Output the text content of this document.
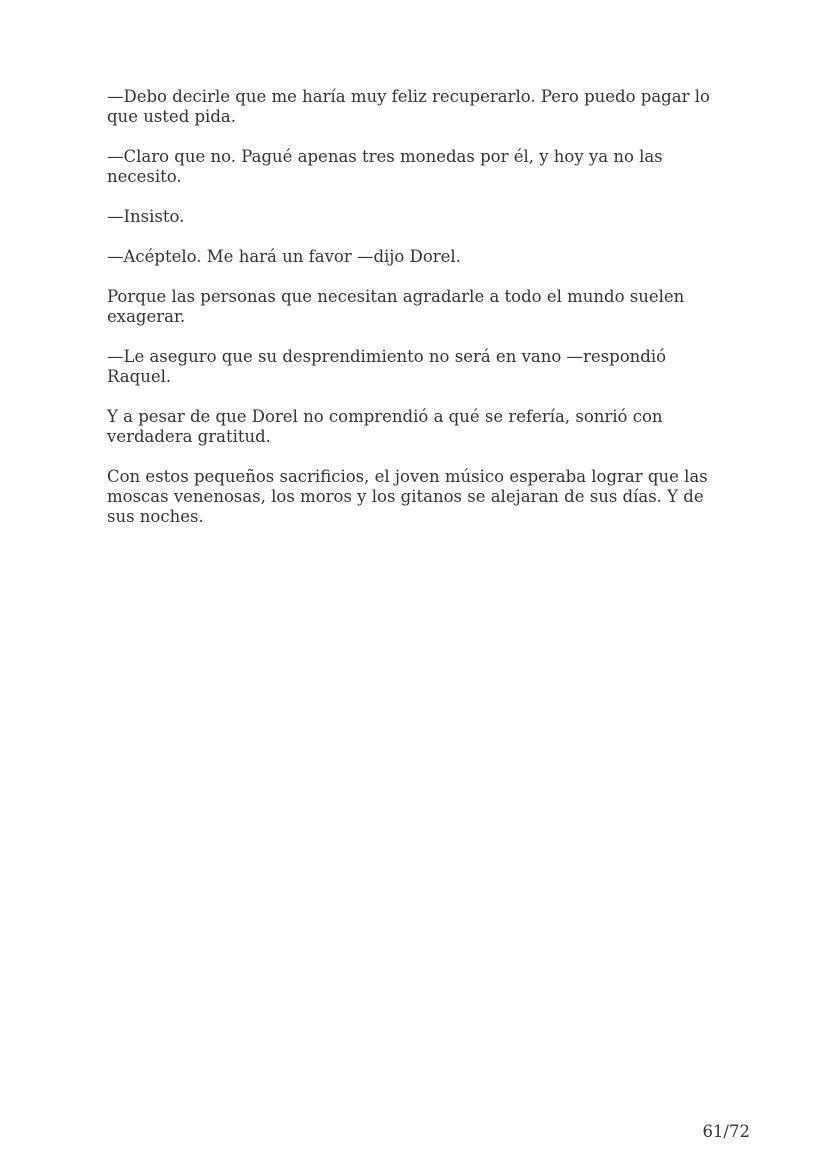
—Debo decirle que me haría muy feliz recuperarlo. Pero puedo pagar lo que usted pida.

—Claro que no. Pagué apenas tres monedas por él, y hoy ya no las necesito.

—Insisto.

—Acéptelo. Me hará un favor —dijo Dorel.

Porque las personas que necesitan agradarle a todo el mundo suelen exagerar.

—Le aseguro que su desprendimiento no será en vano —respondió Raquel.

Y a pesar de que Dorel no comprendió a qué se refería, sonrió con verdadera gratitud.

Con estos pequeños sacrificios, el joven músico esperaba lograr que las moscas venenosas, los moros y los gitanos se alejaran de sus días. Y de sus noches.

61/72
